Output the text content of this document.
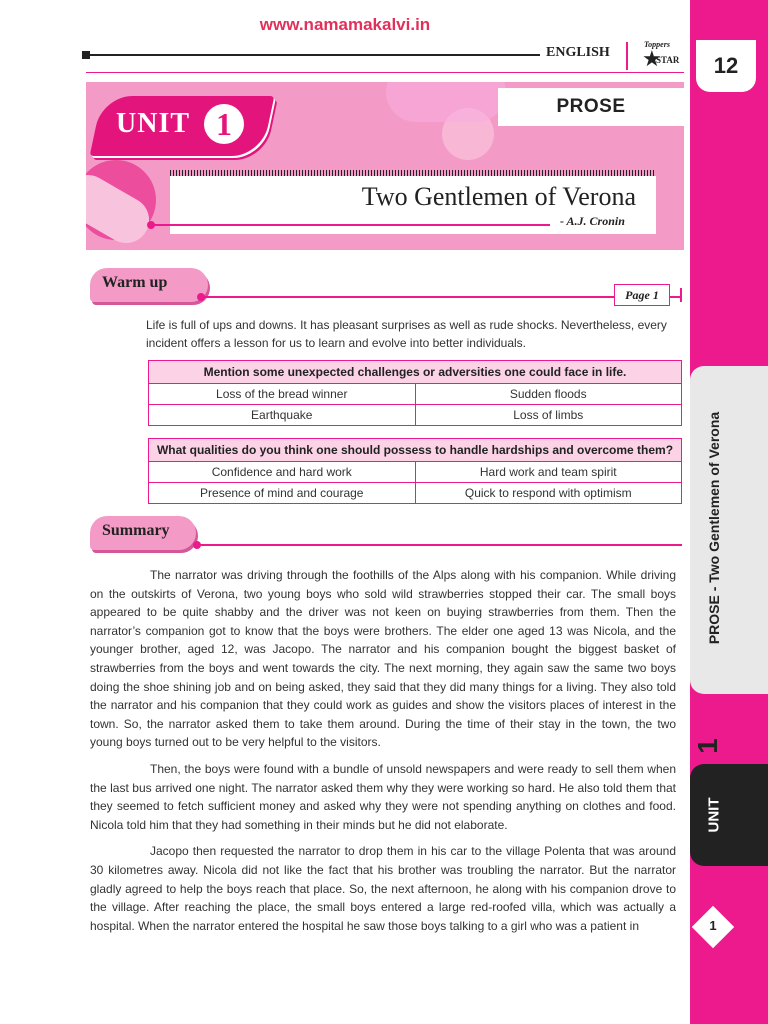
www.namamakalvi.in
ENGLISH
Toppers
★
STAR	12
PROSE - Two Gentlemen of Verona
1
UNIT
1
UNIT 1	PROSE
Two Gentlemen of Verona
- A.J. Cronin
Warm up
Page 1
Life is full of ups and downs. It has pleasant surprises as well as rude shocks. Nevertheless, every incident offers a lesson for us to learn and evolve into better individuals.
Mention some unexpected challenges or adversities one could face in life.	
Loss of the bread winner	Sudden floods
Earthquake	Loss of limbs
What qualities do you think one should possess to handle hardships and overcome them?	
Confidence and hard work	Hard work and team spirit
Presence of mind and courage	Quick to respond with optimism
Summary

The narrator was driving through the foothills of the Alps along with his companion. While driving on the outskirts of Verona, two young boys who sold wild strawberries stopped their car. The small boys appeared to be quite shabby and the driver was not keen on buying strawberries from them. Then the narrator’s companion got to know that the boys were brothers. The elder one aged 13 was Nicola, and the younger brother, aged 12, was Jacopo. The narrator and his companion bought the biggest basket of strawberries from the boys and went towards the city. The next morning, they again saw the same two boys doing the shoe shining job and on being asked, they said that they did many things for a living. They also told the narrator and his companion that they could work as guides and show the visitors places of interest in the town. So, the narrator asked them to take them around. During the time of their stay in the town, the two young boys turned out to be very helpful to the visitors.

Then, the boys were found with a bundle of unsold newspapers and were ready to sell them when the last bus arrived one night. The narrator asked them why they were working so hard. He also told them that they seemed to fetch sufficient money and asked why they were not spending anything on clothes and food. Nicola told him that they had something in their minds but he did not elaborate.

Jacopo then requested the narrator to drop them in his car to the village Polenta that was around 30 kilometres away. Nicola did not like the fact that his brother was troubling the narrator. But the narrator gladly agreed to help the boys reach that place. So, the next afternoon, he along with his companion drove to the village. After reaching the place, the small boys entered a large red-roofed villa, which was actually a hospital. When the narrator entered the hospital he saw those boys talking to a girl who was a patient in
